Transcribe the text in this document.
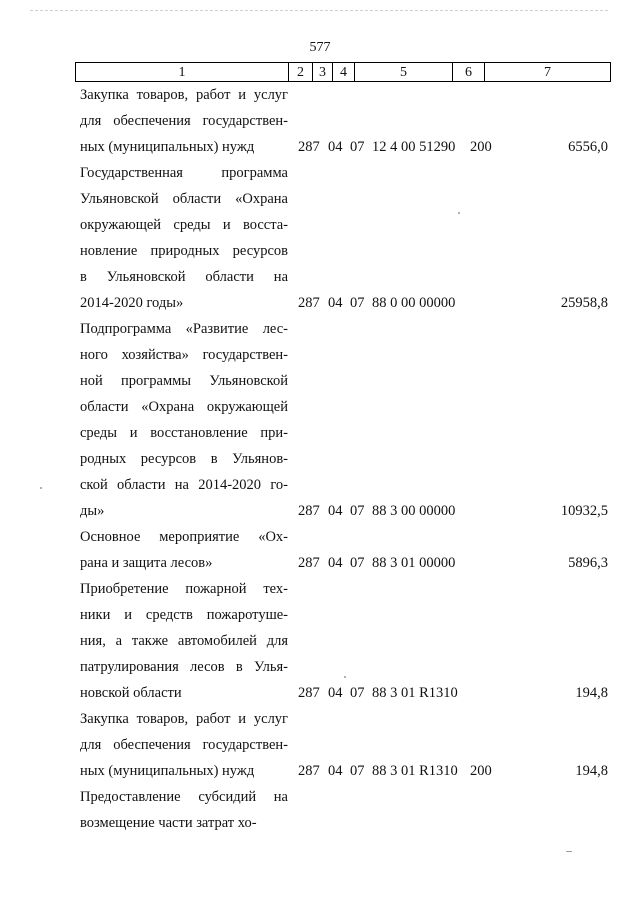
577
1	2	3	4	5	6	7
Закупка товаров, работ и услуг
для обеспечения государствен-
ных (муниципальных) нужд	287 04 07 12 4 00 51290 200	6556,0
Государственная программа
Ульяновской области «Охрана
окружающей среды и восста-
новление природных ресурсов
в Ульяновской области на
2014-2020 годы»	287 04 07 88 0 00 00000	25958,8
Подпрограмма «Развитие лес-
ного хозяйства» государствен-
ной программы Ульяновской
области «Охрана окружающей
среды и восстановление при-
родных ресурсов в Ульянов-
ской области на 2014-2020 го-
ды»	287 04 07 88 3 00 00000	10932,5
Основное мероприятие «Ох-
рана и защита лесов»	287 04 07 88 3 01 00000	5896,3
Приобретение пожарной тех-
ники и средств пожаротуше-
ния, а также автомобилей для
патрулирования лесов в Улья-
новской области	287 04 07 88 3 01 R1310	194,8
Закупка товаров, работ и услуг
для обеспечения государствен-
ных (муниципальных) нужд	287 04 07 88 3 01 R1310 200	194,8
Предоставление субсидий на
возмещение части затрат хо-
